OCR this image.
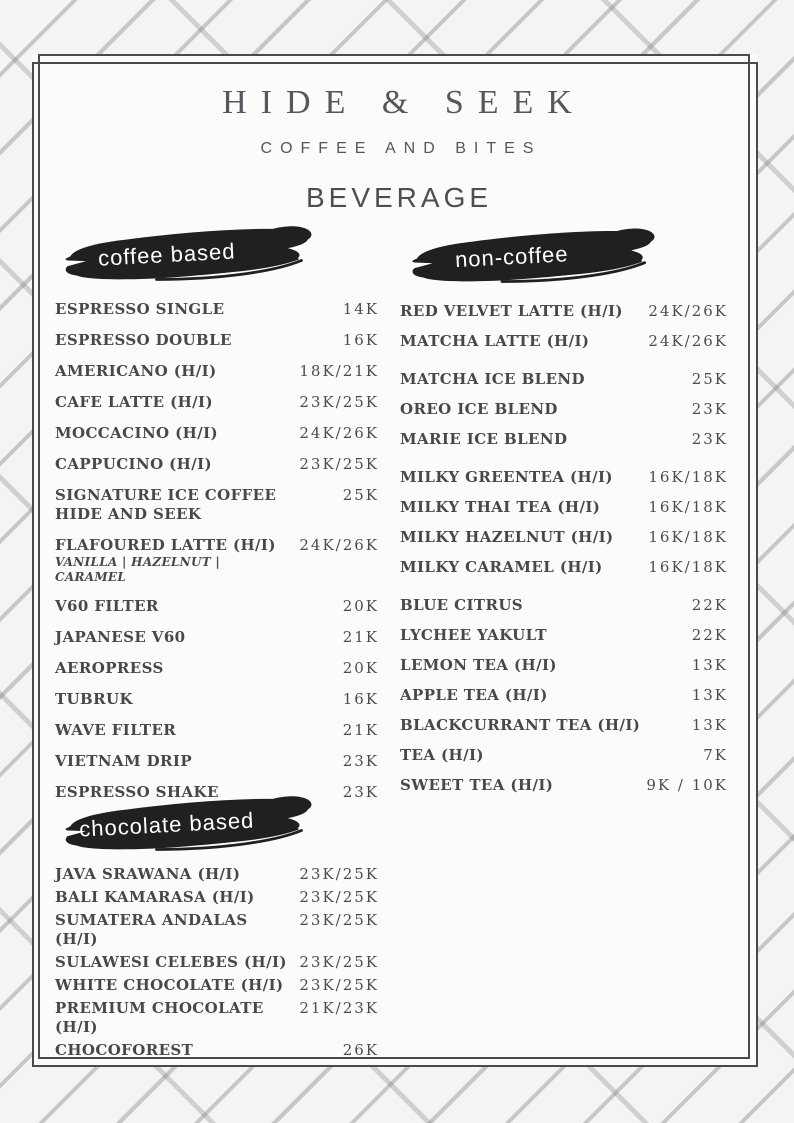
HIDE & SEEK
COFFEE AND BITES
BEVERAGE
coffee based
ESPRESSO SINGLE	14K
ESPRESSO DOUBLE	16K
AMERICANO (H/I)	18K/21K
CAFE LATTE (H/I)	23K/25K
MOCCACINO (H/I)	24K/26K
CAPPUCINO (H/I)	23K/25K
SIGNATURE ICE COFFEE
HIDE AND SEEK
25K
FLAFOURED LATTE (H/I)
VANILLA | HAZELNUT | CARAMEL
24K/26K
V60 FILTER	20K
JAPANESE V60	21K
AEROPRESS	20K
TUBRUK	16K
WAVE FILTER	21K
VIETNAM DRIP	23K
ESPRESSO SHAKE	23K
non-coffee
RED VELVET LATTE (H/I)	24K/26K
MATCHA LATTE (H/I)	24K/26K
MATCHA ICE BLEND	25K
OREO ICE BLEND	23K
MARIE ICE BLEND	23K
MILKY GREENTEA (H/I)	16K/18K
MILKY THAI TEA (H/I)	16K/18K
MILKY HAZELNUT (H/I)	16K/18K
MILKY CARAMEL (H/I)	16K/18K
BLUE CITRUS	22K
LYCHEE YAKULT	22K
LEMON TEA (H/I)	13K
APPLE TEA (H/I)	13K
BLACKCURRANT TEA (H/I)	13K
TEA (H/I)	7K
SWEET TEA (H/I)	9K / 10K
chocolate based
JAVA SRAWANA (H/I)	23K/25K
BALI KAMARASA (H/I)	23K/25K
SUMATERA ANDALAS (H/I)
23K/25K
SULAWESI CELEBES (H/I) 23K/25K
WHITE CHOCOLATE (H/I)	23K/25K
PREMIUM CHOCOLATE (H/I)
21K/23K
CHOCOFOREST	26K
